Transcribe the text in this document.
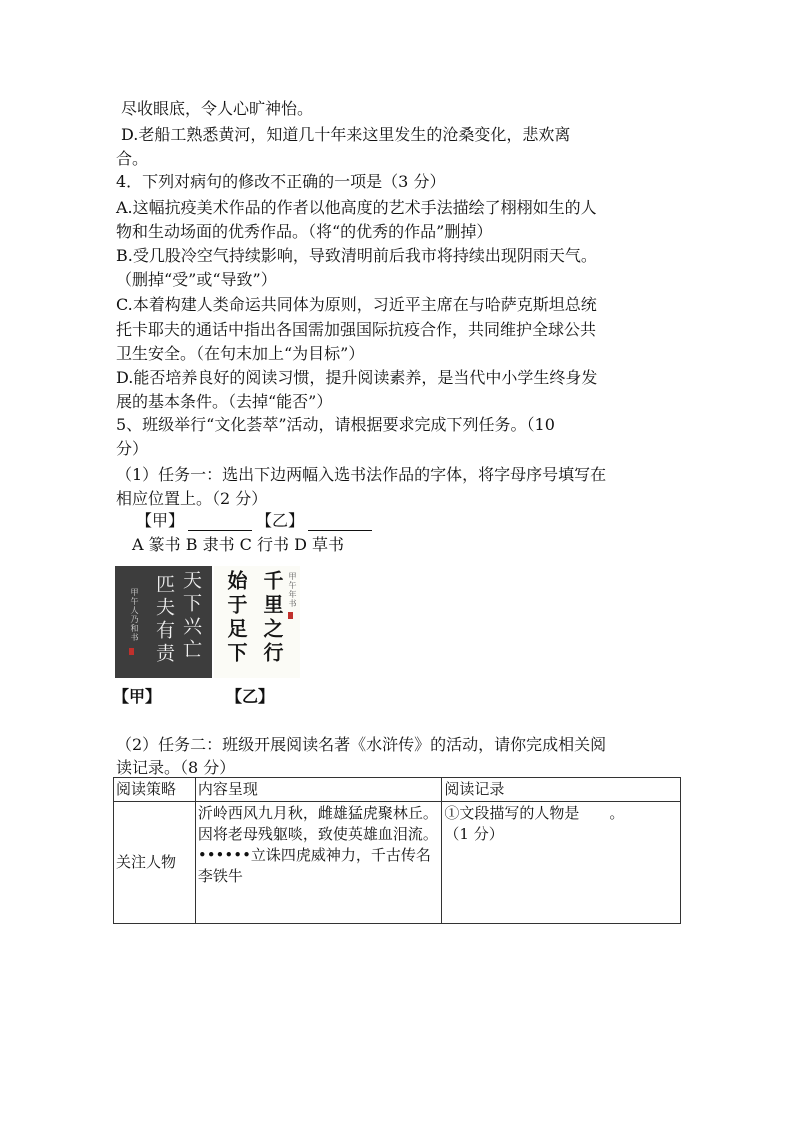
尽收眼底，令人心旷神怡。
D.老船工熟悉黄河，知道几十年来这里发生的沧桑变化，悲欢离
合。
4．下列对病句的修改不正确的一项是（3 分）
A.这幅抗疫美术作品的作者以他高度的艺术手法描绘了栩栩如生的人
物和生动场面的优秀作品。（将“的优秀的作品”删掉）
B.受几股冷空气持续影响，导致清明前后我市将持续出现阴雨天气。
（删掉“受”或“导致”）
C.本着构建人类命运共同体为原则，习近平主席在与哈萨克斯坦总统
托卡耶夫的通话中指出各国需加强国际抗疫合作，共同维护全球公共
卫生安全。（在句末加上“为目标”）
D.能否培养良好的阅读习惯，提升阅读素养，是当代中小学生终身发
展的基本条件。（去掉“能否”）
5、班级举行“文化荟萃”活动，请根据要求完成下列任务。（10
分）
（1）任务一：选出下边两幅入选书法作品的字体，将字母序号填写在
相应位置上。（2 分）
【甲】	【乙】
A 篆书 B 隶书 C 行书 D 草书
天下兴亡
匹夫有责
甲午人乃和书	千里之行
始于足下	甲午年书
【甲】	【乙】
（2）任务二：班级开展阅读名著《水浒传》的活动，请你完成相关阅
读记录。（8 分）
阅读策略	内容呈现	阅读记录
关注人物	沂岭西风九月秋，雌雄猛虎聚林丘。因将老母残躯啖，致使英雄血泪流。••••••立诛四虎威神力，千古传名李铁牛	①文段描写的人物是　　。
（1 分）
